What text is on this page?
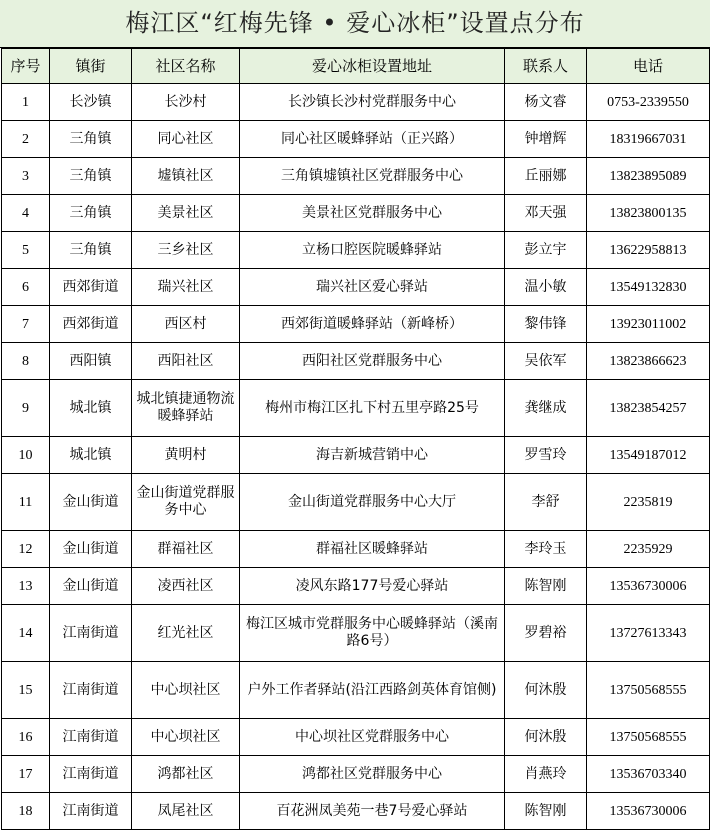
梅江区“红梅先锋 • 爱心冰柜”设置点分布
序号	镇街	社区名称	爱心冰柜设置地址	联系人	电话
1	长沙镇	长沙村	长沙镇长沙村党群服务中心	杨文睿	0753-2339550
2	三角镇	同心社区	同心社区暖蜂驿站（正兴路）	钟增辉	18319667031
3	三角镇	墟镇社区	三角镇墟镇社区党群服务中心	丘丽娜	13823895089
4	三角镇	美景社区	美景社区党群服务中心	邓天强	13823800135
5	三角镇	三乡社区	立杨口腔医院暖蜂驿站	彭立宇	13622958813
6	西郊街道	瑞兴社区	瑞兴社区爱心驿站	温小敏	13549132830
7	西郊街道	西区村	西郊街道暖蜂驿站（新峰桥）	黎伟锋	13923011002
8	西阳镇	西阳社区	西阳社区党群服务中心	吴依军	13823866623
9	城北镇	城北镇捷通物流暖蜂驿站	梅州市梅江区扎下村五里亭路25号	龚继成	13823854257
10	城北镇	黄明村	海吉新城营销中心	罗雪玲	13549187012
11	金山街道	金山街道党群服务中心	金山街道党群服务中心大厅	李舒	2235819
12	金山街道	群福社区	群福社区暖蜂驿站	李玲玉	2235929
13	金山街道	凌西社区	凌风东路177号爱心驿站	陈智刚	13536730006
14	江南街道	红光社区	梅江区城市党群服务中心暖蜂驿站（溪南路6号）	罗碧裕	13727613343
15	江南街道	中心坝社区	户外工作者驿站(沿江西路剑英体育馆侧)	何沐殷	13750568555
16	江南街道	中心坝社区	中心坝社区党群服务中心	何沐殷	13750568555
17	江南街道	鸿都社区	鸿都社区党群服务中心	肖燕玲	13536703340
18	江南街道	凤尾社区	百花洲凤美苑一巷7号爱心驿站	陈智刚	13536730006
